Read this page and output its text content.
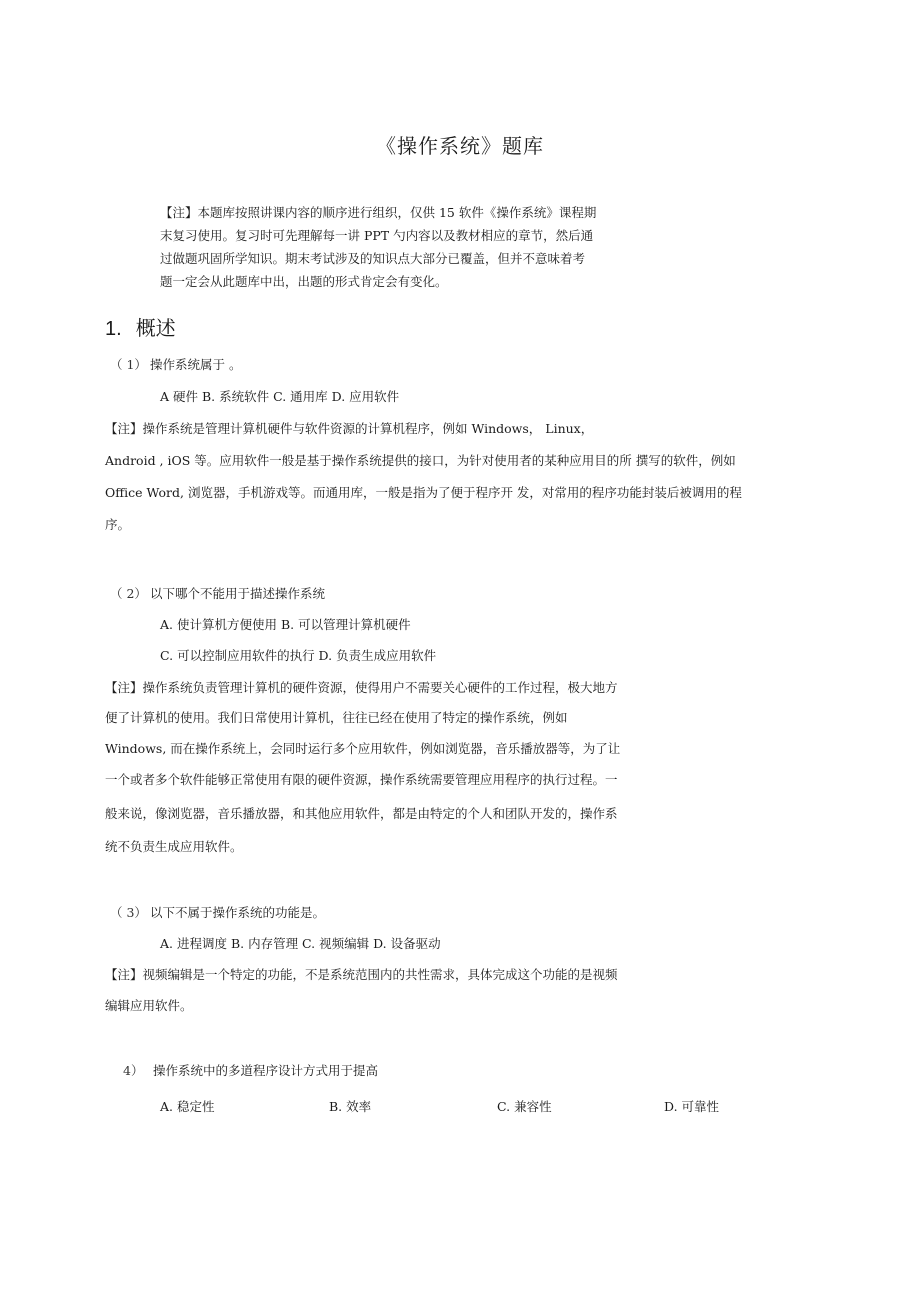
《操作系统》题库

【注】本题库按照讲课内容的顺序进行组织，仅供 15 软件《操作系统》课程期

末复习使用。复习时可先理解每一讲 PPT 勺内容以及教材相应的章节，然后通

过做题巩固所学知识。期末考试涉及的知识点大部分已覆盖，但并不意味着考

题一定会从此题库中出，出题的形式肯定会有变化。

1. 概述
（ 1） 操作系统属于 。
A 硬件 B. 系统软件 C. 通用库 D. 应用软件
【注】操作系统是管理计算机硬件与软件资源的计算机程序，例如 Windows， Linux，
Android , iOS 等。应用软件一般是基于操作系统提供的接口，为针对使用者的某种应用目的所 撰写的软件，例如
Office Word, 浏览器，手机游戏等。而通用库，一般是指为了便于程序开 发，对常用的程序功能封装后被调用的程
序。
（ 2） 以下哪个不能用于描述操作系统
A. 使计算机方便使用 B. 可以管理计算机硬件
C. 可以控制应用软件的执行 D. 负责生成应用软件
【注】操作系统负责管理计算机的硬件资源，使得用户不需要关心硬件的工作过程，极大地方
便了计算机的使用。我们日常使用计算机，往往已经在使用了特定的操作系统，例如
Windows, 而在操作系统上，会同时运行多个应用软件，例如浏览器，音乐播放器等，为了让
一个或者多个软件能够正常使用有限的硬件资源，操作系统需要管理应用程序的执行过程。一
般来说，像浏览器，音乐播放器，和其他应用软件，都是由特定的个人和团队开发的，操作系
统不负责生成应用软件。
（ 3） 以下不属于操作系统的功能是。
A. 进程调度 B. 内存管理 C. 视频编辑 D. 设备驱动
【注】视频编辑是一个特定的功能，不是系统范围内的共性需求，具体完成这个功能的是视频
编辑应用软件。
4） 操作系统中的多道程序设计方式用于提高
A. 稳定性	B. 效率	C. 兼容性	D. 可靠性
